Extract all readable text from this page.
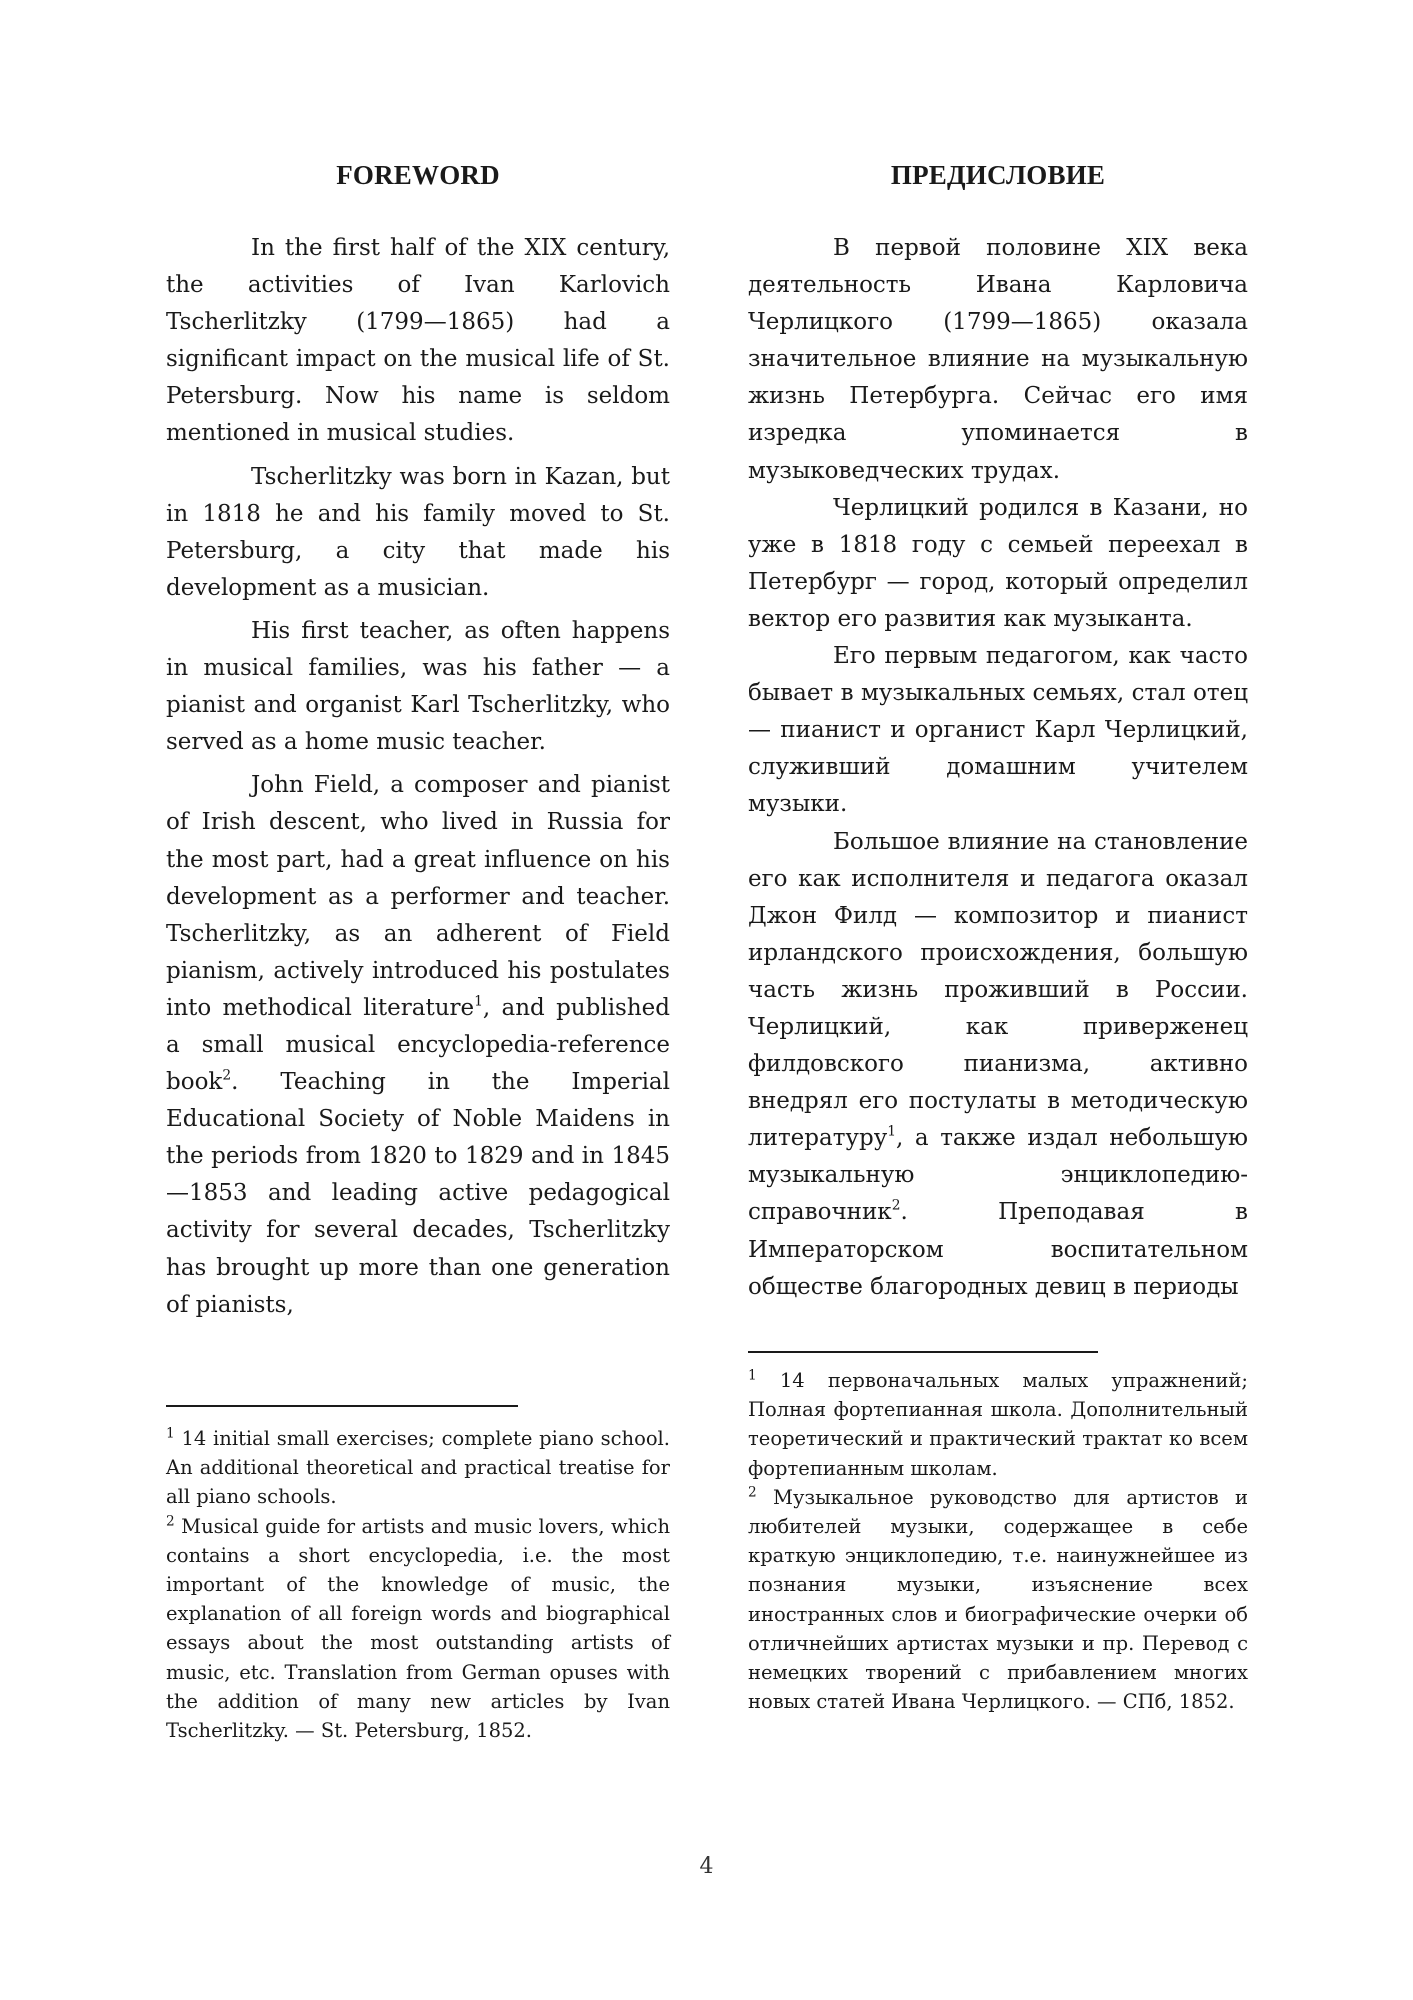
FOREWORD

In the first half of the XIX century, the activities of Ivan Karlovich Tscherlitzky (1799—1865) had a significant impact on the musical life of St. Petersburg. Now his name is seldom mentioned in musical studies.

Tscherlitzky was born in Kazan, but in 1818 he and his family moved to St. Petersburg, a city that made his development as a musician.

His first teacher, as often happens in musical families, was his father — a pianist and organist Karl Tscherlitzky, who served as a home music teacher.

John Field, a composer and pianist of Irish descent, who lived in Russia for the most part, had a great influence on his development as a performer and teacher. Tscherlitzky, as an adherent of Field pianism, actively introduced his postulates into methodical literature$^1$, and published a small musical encyclopedia-reference book$^2$. Teaching in the Imperial Educational Society of Noble Maidens in the periods from 1820 to 1829 and in 1845—1853 and leading active pedagogical activity for several decades, Tscherlitzky has brought up more than one generation of pianists,

$^1$ 14 initial small exercises; complete piano school. An additional theoretical and practical treatise for all piano schools.

$^2$ Musical guide for artists and music lovers, which contains a short encyclopedia, i.e. the most important of the knowledge of music, the explanation of all foreign words and biographical essays about the most outstanding artists of music, etc. Translation from German opuses with the addition of many new articles by Ivan Tscherlitzky. — St. Petersburg, 1852.

ПРЕДИСЛОВИЕ

В первой половине XIX века деятельность Ивана Карловича Черлицкого (1799—1865) оказала значительное влияние на музыкальную жизнь Петербурга. Сейчас его имя изредка упоминается в музыковедческих трудах.

Черлицкий родился в Казани, но уже в 1818 году с семьей переехал в Петербург — город, который определил вектор его развития как музыканта.

Его первым педагогом, как часто бывает в музыкальных семьях, стал отец — пианист и органист Карл Черлицкий, служивший домашним учителем музыки.

Большое влияние на становление его как исполнителя и педагога оказал Джон Филд — композитор и пианист ирландского происхождения, большую часть жизнь проживший в России. Черлицкий, как приверженец филдовского пианизма, активно внедрял его постулаты в методическую литературу$^1$, а также издал небольшую музыкальную энциклопедию-справочник$^2$. Преподавая в Императорском воспитательном обществе благородных девиц в периоды

$^1$ 14 первоначальных малых упражнений; Полная фортепианная школа. Дополнительный теоретический и практический трактат ко всем фортепианным школам.

$^2$ Музыкальное руководство для артистов и любителей музыки, содержащее в себе краткую энциклопедию, т.е. наинужнейшее из познания музыки, изъяснение всех иностранных слов и биографические очерки об отличнейших артистах музыки и пр. Перевод с немецких творений с прибавлением многих новых статей Ивана Черлицкого. — СПб, 1852.

4
